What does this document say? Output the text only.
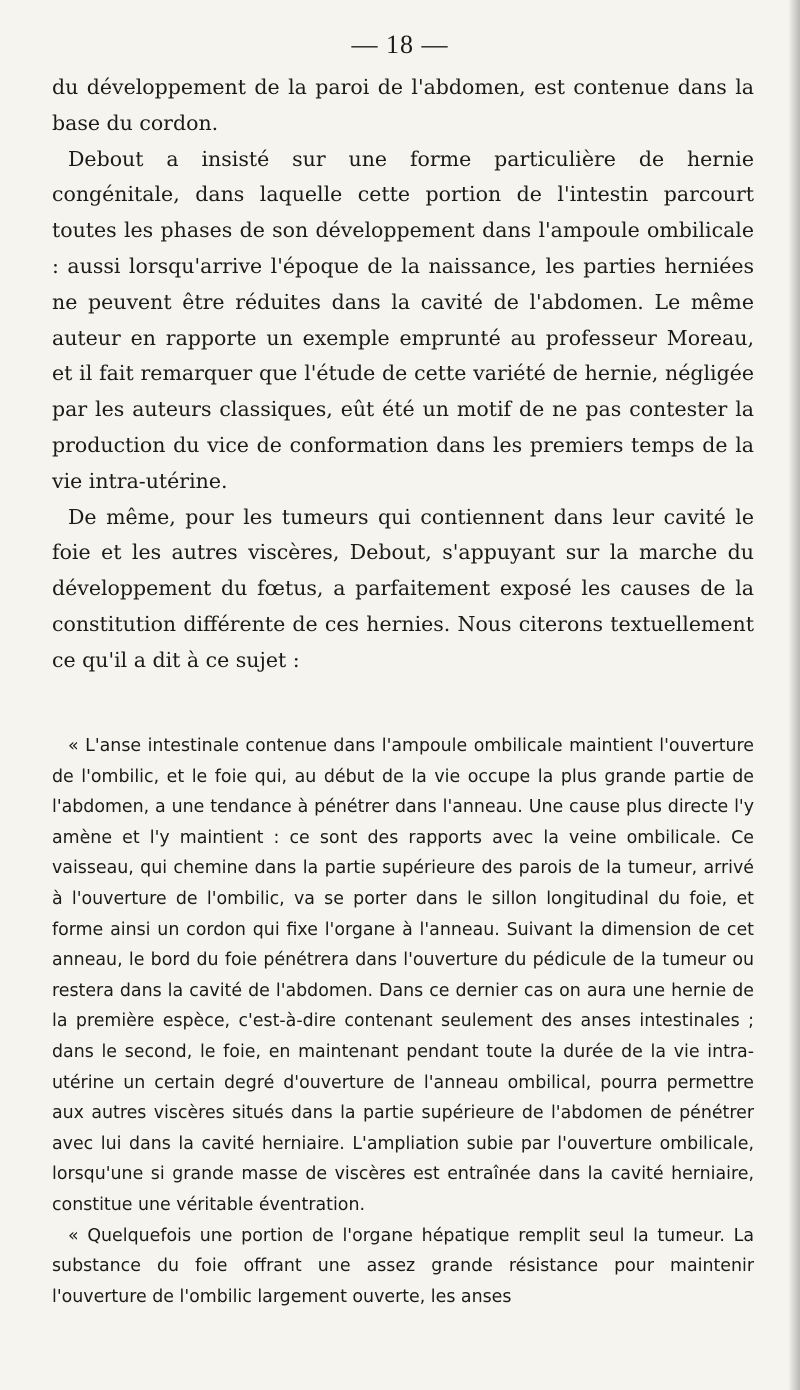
— 18 —

du développement de la paroi de l'abdomen, est contenue dans la base du cordon.

Debout a insisté sur une forme particulière de hernie congénitale, dans laquelle cette portion de l'intestin parcourt toutes les phases de son développement dans l'ampoule ombilicale : aussi lorsqu'arrive l'époque de la naissance, les parties herniées ne peuvent être réduites dans la cavité de l'abdomen. Le même auteur en rapporte un exemple emprunté au professeur Moreau, et il fait remarquer que l'étude de cette variété de hernie, négligée par les auteurs classiques, eût été un motif de ne pas contester la production du vice de conformation dans les premiers temps de la vie intra-utérine.

De même, pour les tumeurs qui contiennent dans leur cavité le foie et les autres viscères, Debout, s'appuyant sur la marche du développement du fœtus, a parfaitement exposé les causes de la constitution différente de ces hernies. Nous citerons textuellement ce qu'il a dit à ce sujet :

« L'anse intestinale contenue dans l'ampoule ombilicale maintient l'ouverture de l'ombilic, et le foie qui, au début de la vie occupe la plus grande partie de l'abdomen, a une tendance à pénétrer dans l'anneau. Une cause plus directe l'y amène et l'y maintient : ce sont des rapports avec la veine ombilicale. Ce vaisseau, qui chemine dans la partie supérieure des parois de la tumeur, arrivé à l'ouverture de l'ombilic, va se porter dans le sillon longitudinal du foie, et forme ainsi un cordon qui fixe l'organe à l'anneau. Suivant la dimension de cet anneau, le bord du foie pénétrera dans l'ouverture du pédicule de la tumeur ou restera dans la cavité de l'abdomen. Dans ce dernier cas on aura une hernie de la première espèce, c'est-à-dire contenant seulement des anses intestinales ; dans le second, le foie, en maintenant pendant toute la durée de la vie intra-utérine un certain degré d'ouverture de l'anneau ombilical, pourra permettre aux autres viscères situés dans la partie supérieure de l'abdomen de pénétrer avec lui dans la cavité herniaire. L'ampliation subie par l'ouverture ombilicale, lorsqu'une si grande masse de viscères est entraînée dans la cavité herniaire, constitue une véritable éventration.

« Quelquefois une portion de l'organe hépatique remplit seul la tumeur. La substance du foie offrant une assez grande résistance pour maintenir l'ouverture de l'ombilic largement ouverte, les anses
